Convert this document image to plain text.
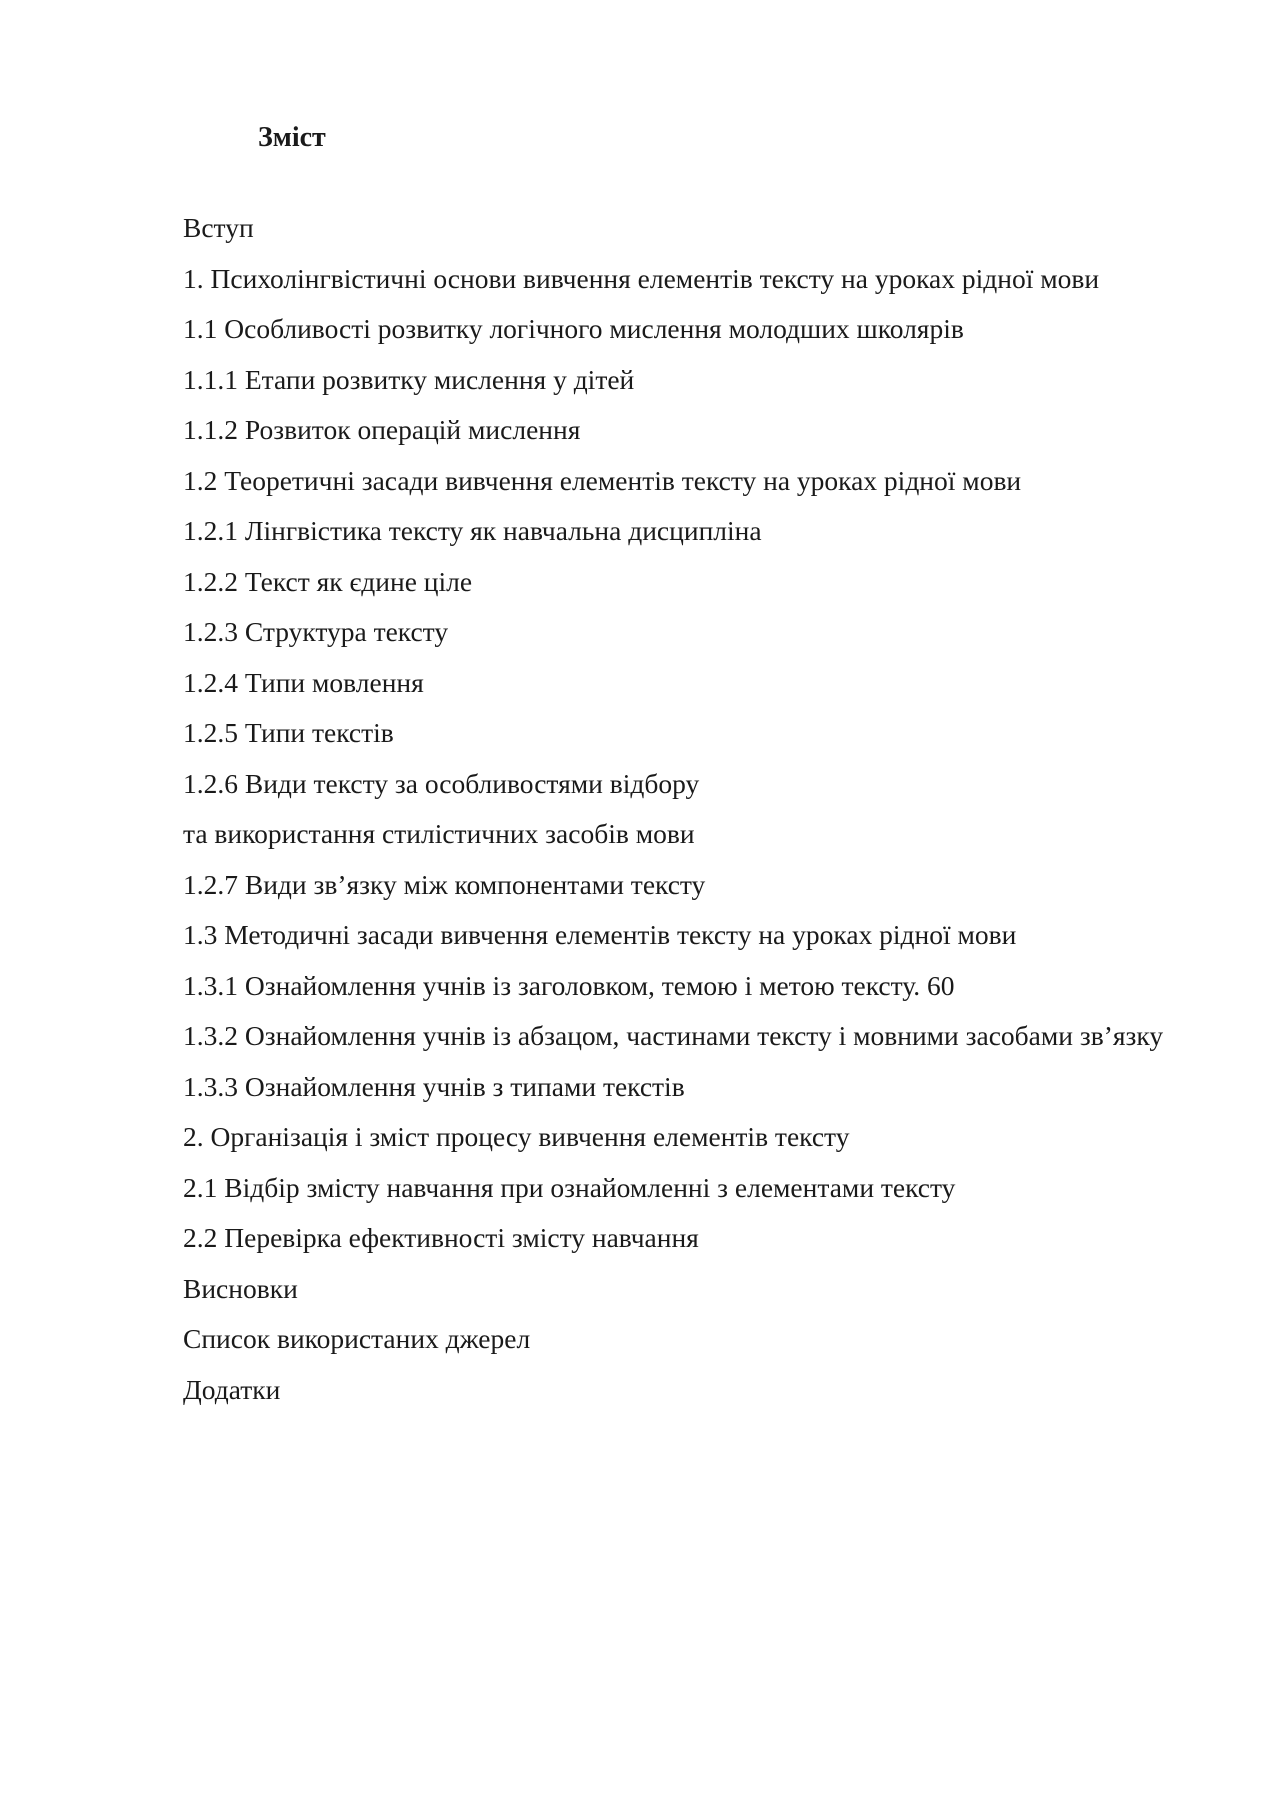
Зміст
Вступ
1. Психолінгвістичні основи вивчення елементів тексту на уроках рідної мови
1.1 Особливості розвитку логічного мислення молодших школярів
1.1.1 Етапи розвитку мислення у дітей
1.1.2 Розвиток операцій мислення
1.2 Теоретичні засади вивчення елементів тексту на уроках рідної мови
1.2.1 Лінгвістика тексту як навчальна дисципліна
1.2.2 Текст як єдине ціле
1.2.3 Структура тексту
1.2.4 Типи мовлення
1.2.5 Типи текстів
1.2.6 Види тексту за особливостями відбору
та використання стилістичних засобів мови
1.2.7 Види зв’язку між компонентами тексту
1.3 Методичні засади вивчення елементів тексту на уроках рідної мови
1.3.1 Ознайомлення учнів із заголовком, темою і метою тексту. 60
1.3.2 Ознайомлення учнів із абзацом, частинами тексту і мовними засобами зв’язку
1.3.3 Ознайомлення учнів з типами текстів
2. Організація і зміст процесу вивчення елементів тексту
2.1 Відбір змісту навчання при ознайомленні з елементами тексту
2.2 Перевірка ефективності змісту навчання
Висновки
Список використаних джерел
Додатки
